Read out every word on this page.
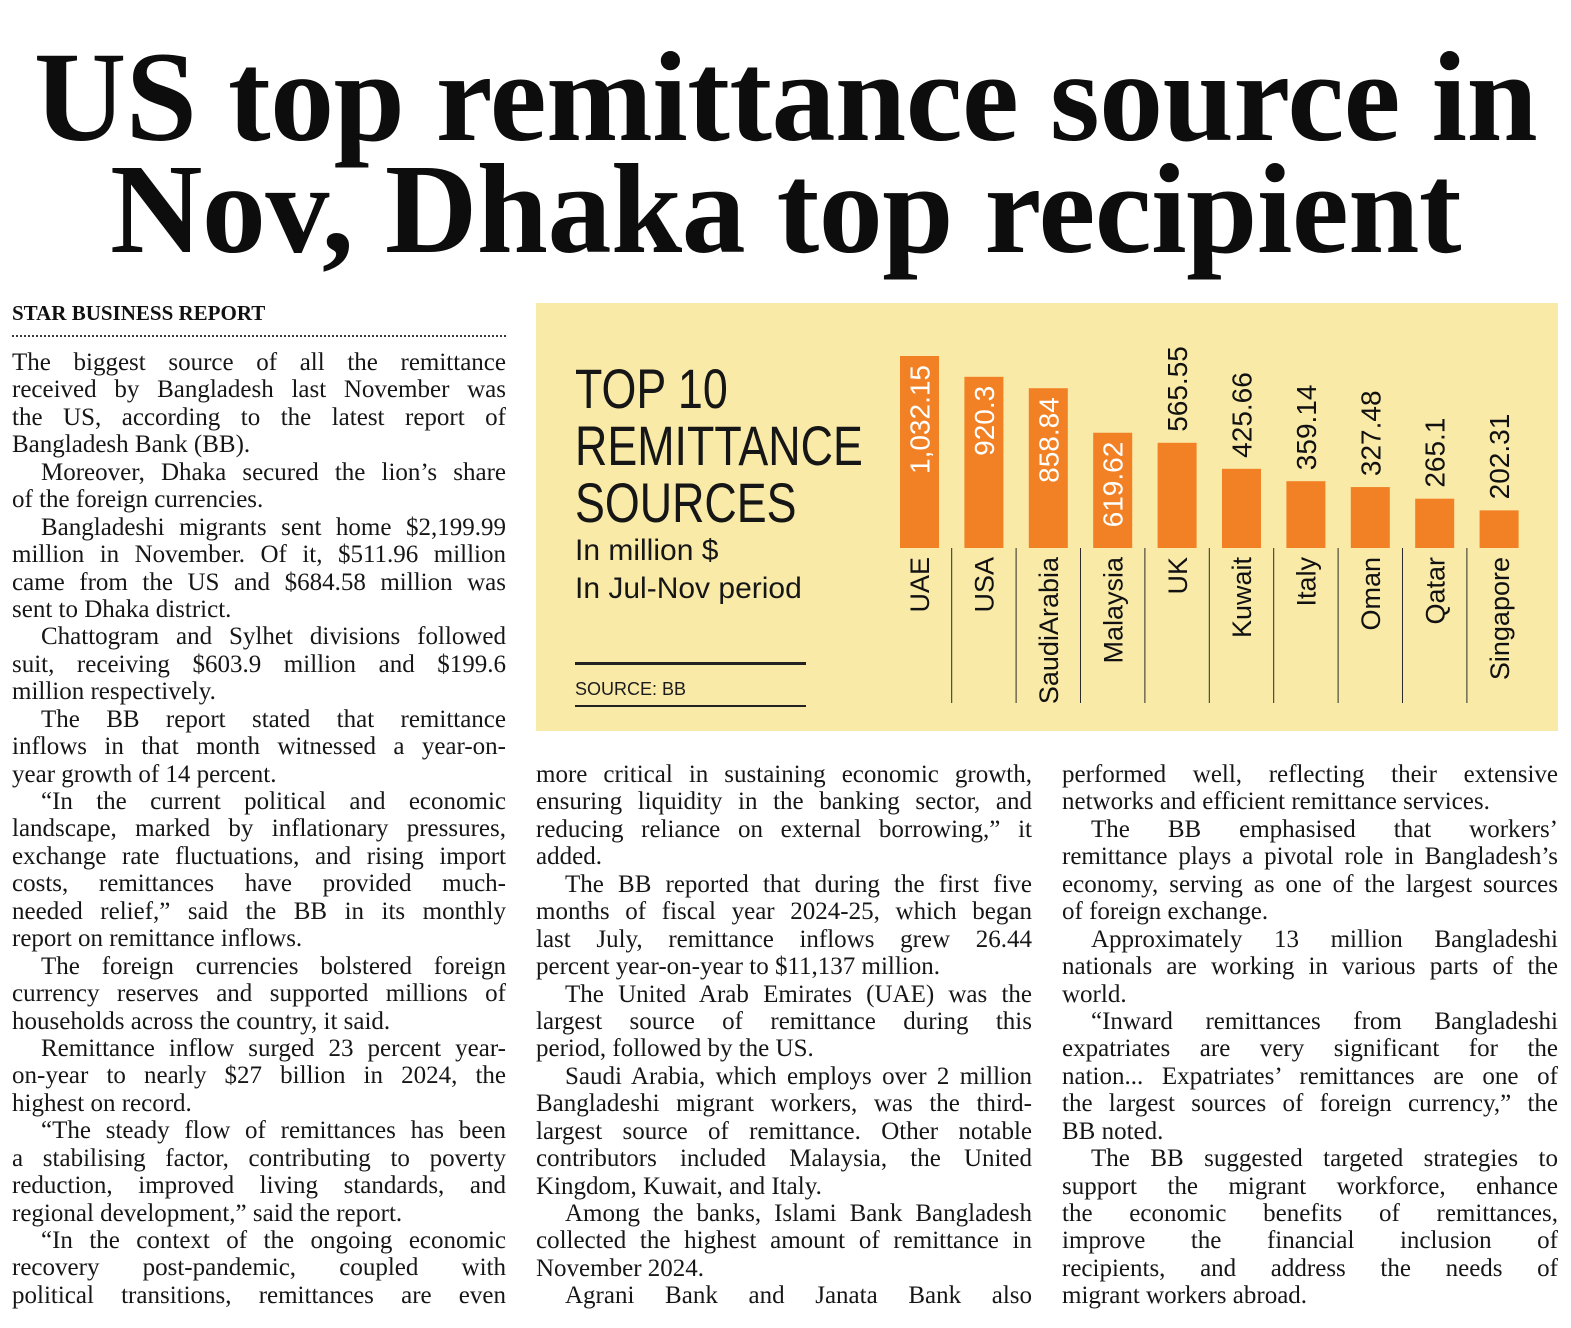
US top remittance source in
Nov, Dhaka top recipient
STAR BUSINESS REPORT
The biggest source of all the remittance
received by Bangladesh last November was
the US, according to the latest report of
Bangladesh Bank (BB).
Moreover, Dhaka secured the lion’s share
of the foreign currencies.
Bangladeshi migrants sent home $2,199.99
million in November. Of it, $511.96 million
came from the US and $684.58 million was
sent to Dhaka district.
Chattogram and Sylhet divisions followed
suit, receiving $603.9 million and $199.6
million respectively.
The BB report stated that remittance
inflows in that month witnessed a year-on-
year growth of 14 percent.
“In the current political and economic
landscape, marked by inflationary pressures,
exchange rate fluctuations, and rising import
costs, remittances have provided much-
needed relief,” said the BB in its monthly
report on remittance inflows.
The foreign currencies bolstered foreign
currency reserves and supported millions of
households across the country, it said.
Remittance inflow surged 23 percent year-
on-year to nearly $27 billion in 2024, the
highest on record.
“The steady flow of remittances has been
a stabilising factor, contributing to poverty
reduction, improved living standards, and
regional development,” said the report.
“In the context of the ongoing economic
recovery post-pandemic, coupled with
political transitions, remittances are even
more critical in sustaining economic growth,
ensuring liquidity in the banking sector, and
reducing reliance on external borrowing,” it
added.
The BB reported that during the first five
months of fiscal year 2024-25, which began
last July, remittance inflows grew 26.44
percent year-on-year to $11,137 million.
The United Arab Emirates (UAE) was the
largest source of remittance during this
period, followed by the US.
Saudi Arabia, which employs over 2 million
Bangladeshi migrant workers, was the third-
largest source of remittance. Other notable
contributors included Malaysia, the United
Kingdom, Kuwait, and Italy.
Among the banks, Islami Bank Bangladesh
collected the highest amount of remittance in
November 2024.
Agrani Bank and Janata Bank also
performed well, reflecting their extensive
networks and efficient remittance services.
The BB emphasised that workers’
remittance plays a pivotal role in Bangladesh’s
economy, serving as one of the largest sources
of foreign exchange.
Approximately 13 million Bangladeshi
nationals are working in various parts of the
world.
“Inward remittances from Bangladeshi
expatriates are very significant for the
nation... Expatriates’ remittances are one of
the largest sources of foreign currency,” the
BB noted.
The BB suggested targeted strategies to
support the migrant workforce, enhance
the economic benefits of remittances,
improve the financial inclusion of
recipients, and address the needs of
migrant workers abroad.
TOP 10
REMITTANCE
SOURCES
In million $
In Jul-Nov period
SOURCE: BB
1,032.15
UAE
920.3
USA
858.84
SaudiArabia
619.62
Malaysia
565.55
UK
425.66
Kuwait
359.14
Italy
327.48
Oman
265.1
Qatar
202.31
Singapore
